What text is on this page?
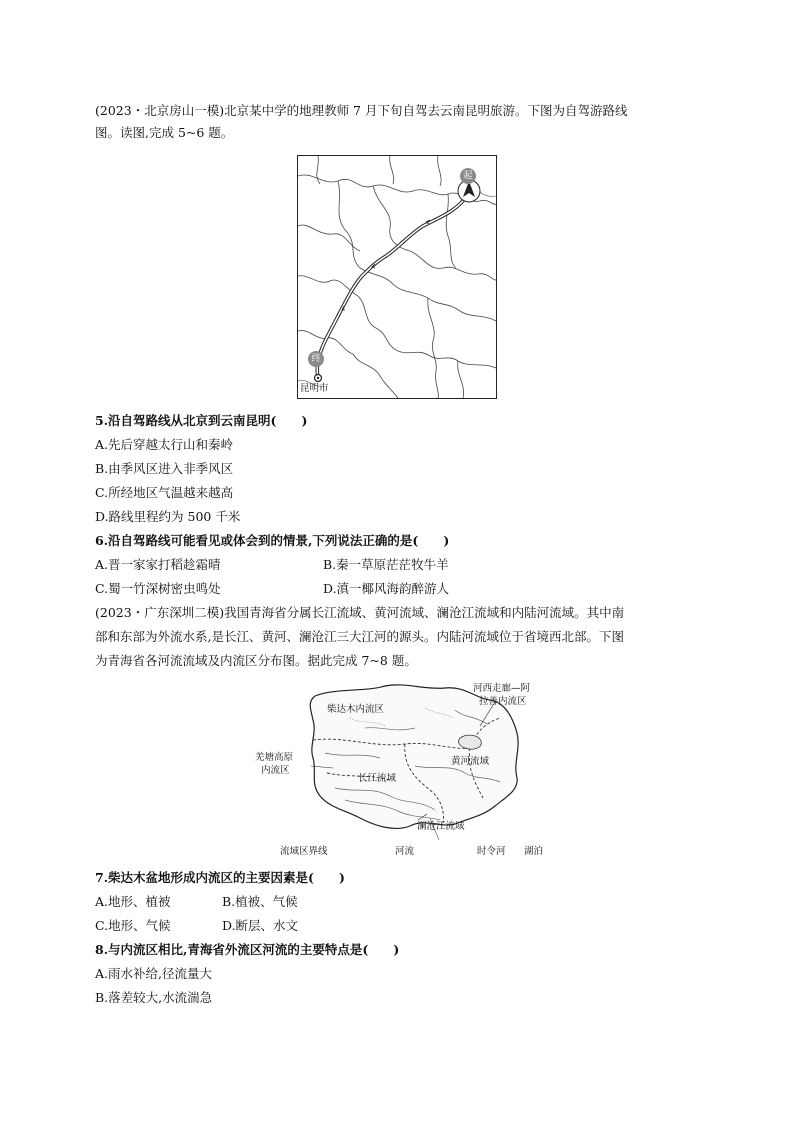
(2023・北京房山一模)北京某中学的地理教师 7 月下旬自驾去云南昆明旅游。下图为自驾游路线
图。读图,完成 5~6 题。
起
终
昆明市
5.沿自驾路线从北京到云南昆明(　　)
A.先后穿越太行山和秦岭
B.由季风区进入非季风区
C.所经地区气温越来越高
D.路线里程约为 500 千米
6.沿自驾路线可能看见或体会到的情景,下列说法正确的是(　　)
A.晋一家家打稻趁霜晴	B.秦一草原茫茫牧牛羊
C.蜀一竹深树密虫鸣处	D.滇一椰风海韵醉游人
(2023・广东深圳二模)我国青海省分属长江流域、黄河流域、澜沧江流域和内陆河流域。其中南
部和东部为外流水系,是长江、黄河、澜沧江三大江河的源头。内陆河流域位于省境西北部。下图
为青海省各河流流域及内流区分布图。据此完成 7~8 题。
河西走廊—阿
拉善内流区
柴达木内流区
羌塘高原
内流区
黄河流域
长江流域
澜沧江流域
流域区界线	河流	时令河 湖泊
7.柴达木盆地形成内流区的主要因素是(　　)
A.地形、植被	B.植被、气候
C.地形、气候	D.断层、水文
8.与内流区相比,青海省外流区河流的主要特点是(　　)
A.雨水补给,径流量大
B.落差较大,水流湍急
